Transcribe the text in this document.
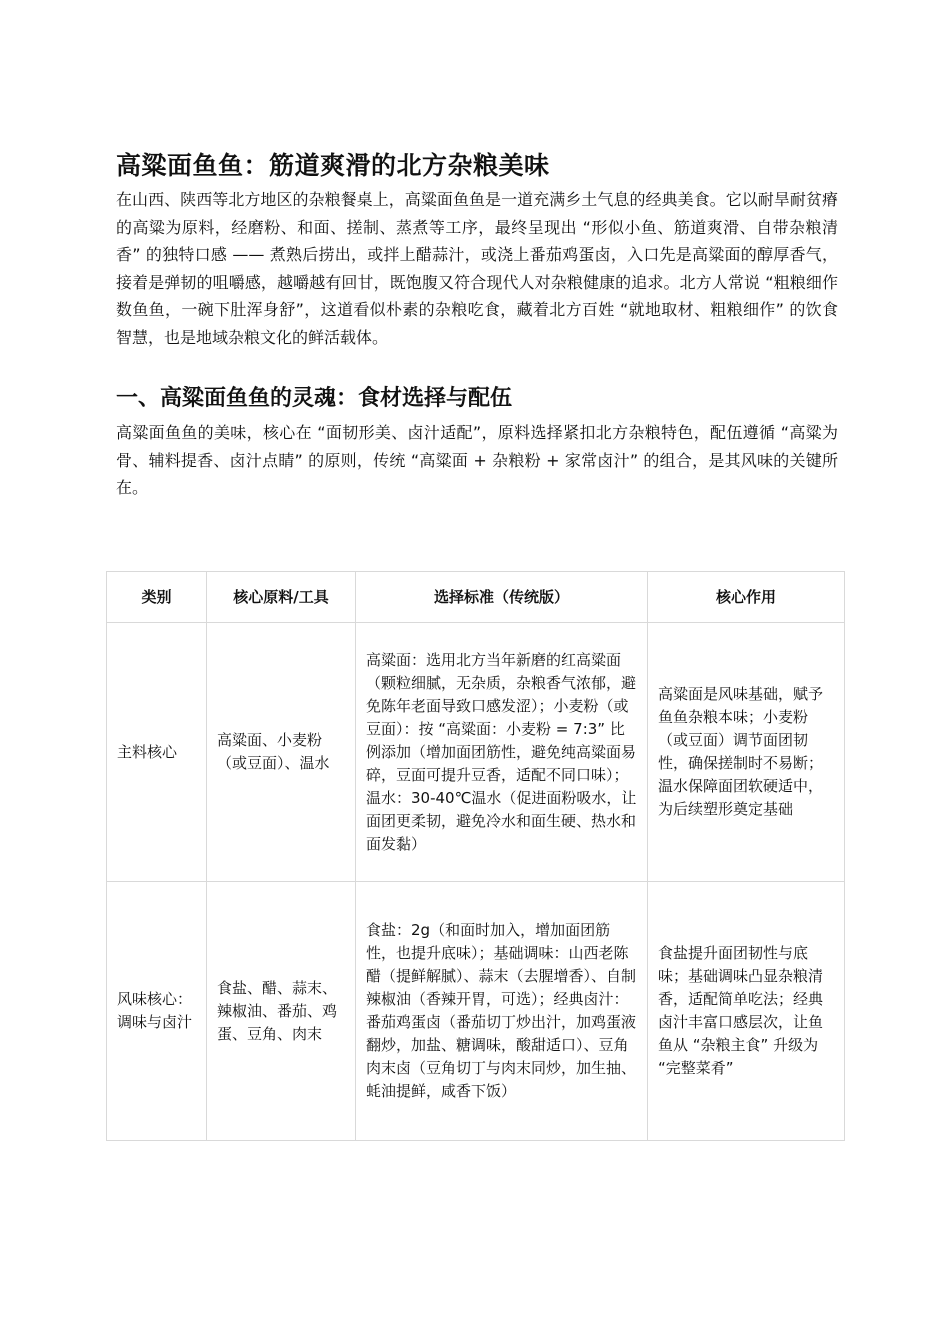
高粱面鱼鱼：筋道爽滑的北方杂粮美味

在山西、陕西等北方地区的杂粮餐桌上，高粱面鱼鱼是一道充满乡土气息的经典美食。它以耐旱耐贫瘠的高粱为原料，经磨粉、和面、搓制、蒸煮等工序，最终呈现出 “形似小鱼、筋道爽滑、自带杂粮清香” 的独特口感 —— 煮熟后捞出，或拌上醋蒜汁，或浇上番茄鸡蛋卤，入口先是高粱面的醇厚香气，接着是弹韧的咀嚼感，越嚼越有回甘，既饱腹又符合现代人对杂粮健康的追求。北方人常说 “粗粮细作数鱼鱼，一碗下肚浑身舒”，这道看似朴素的杂粮吃食，藏着北方百姓 “就地取材、粗粮细作” 的饮食智慧，也是地域杂粮文化的鲜活载体。

一、高粱面鱼鱼的灵魂：食材选择与配伍

高粱面鱼鱼的美味，核心在 “面韧形美、卤汁适配”，原料选择紧扣北方杂粮特色，配伍遵循 “高粱为骨、辅料提香、卤汁点睛” 的原则，传统 “高粱面 + 杂粮粉 + 家常卤汁” 的组合，是其风味的关键所在。

类别	核心原料/工具	选择标准（传统版）	核心作用
主料核心	高粱面、小麦粉（或豆面）、温水	高粱面：选用北方当年新磨的红高粱面（颗粒细腻，无杂质，杂粮香气浓郁，避免陈年老面导致口感发涩）；小麦粉（或豆面）：按 “高粱面：小麦粉 = 7:3” 比例添加（增加面团筋性，避免纯高粱面易碎，豆面可提升豆香，适配不同口味）；温水：30-40℃温水（促进面粉吸水，让面团更柔韧，避免冷水和面生硬、热水和面发黏）	高粱面是风味基础，赋予鱼鱼杂粮本味；小麦粉（或豆面）调节面团韧性，确保搓制时不易断；温水保障面团软硬适中，为后续塑形奠定基础
风味核心：调味与卤汁	食盐、醋、蒜末、辣椒油、番茄、鸡蛋、豆角、肉末	食盐：2g（和面时加入，增加面团筋性，也提升底味）；基础调味：山西老陈醋（提鲜解腻）、蒜末（去腥增香）、自制辣椒油（香辣开胃，可选）；经典卤汁：番茄鸡蛋卤（番茄切丁炒出汁，加鸡蛋液翻炒，加盐、糖调味，酸甜适口）、豆角肉末卤（豆角切丁与肉末同炒，加生抽、蚝油提鲜，咸香下饭）	食盐提升面团韧性与底味；基础调味凸显杂粮清香，适配简单吃法；经典卤汁丰富口感层次，让鱼鱼从 “杂粮主食” 升级为 “完整菜肴”
